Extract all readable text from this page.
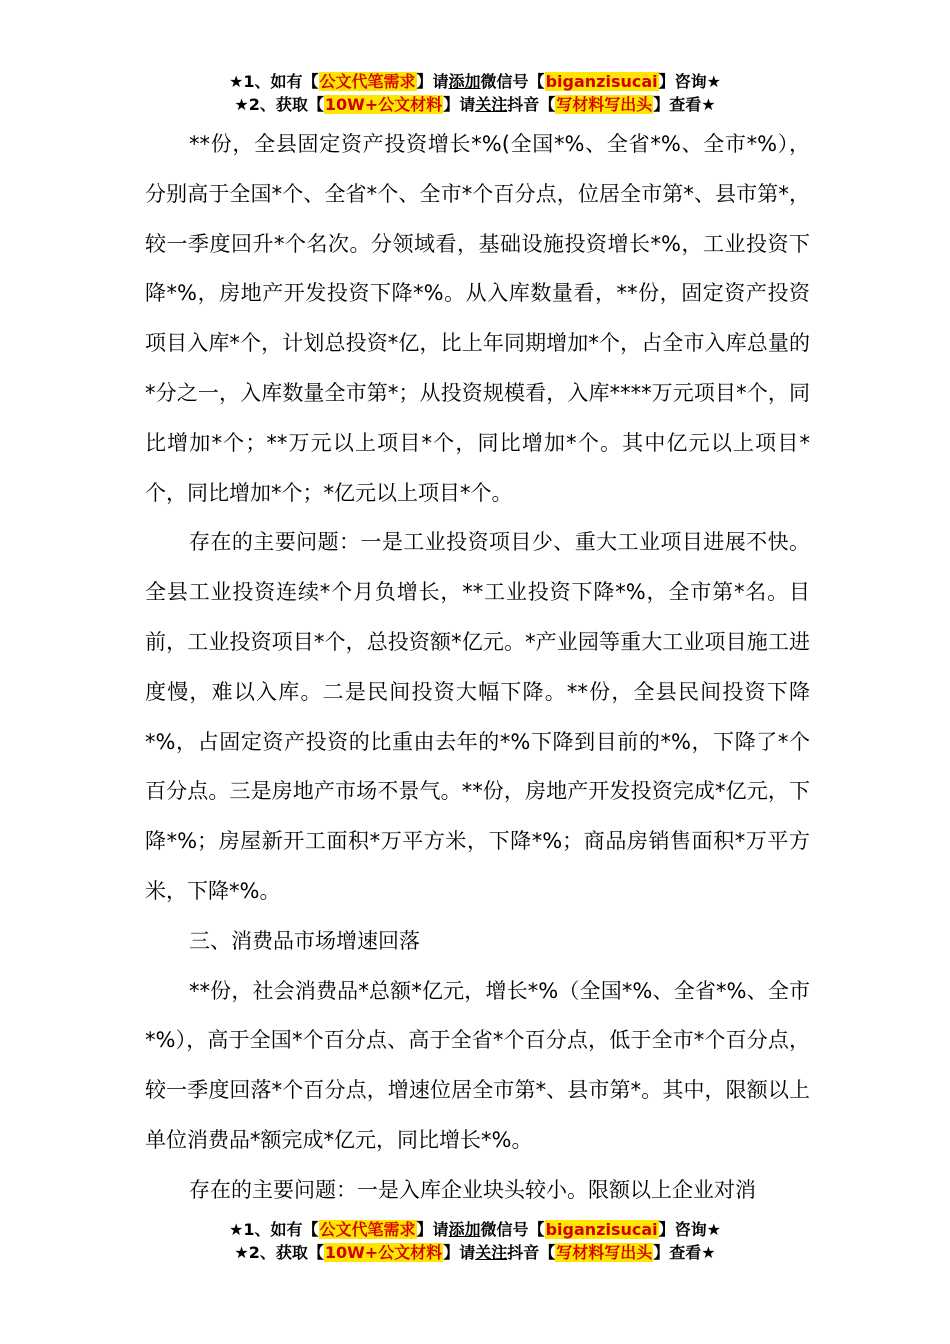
★1、如有【公文代笔需求】请添加微信号【biganzisucai】咨询★
★2、获取【10W+公文材料】请关注抖音【写材料写出头】查看★

**份，全县固定资产投资增长*%(全国*%、全省*%、全市*%），分别高于全国*个、全省*个、全市*个百分点，位居全市第*、县市第*，较一季度回升*个名次。分领域看，基础设施投资增长*%，工业投资下降*%，房地产开发投资下降*%。从入库数量看，**份，固定资产投资项目入库*个，计划总投资*亿，比上年同期增加*个，占全市入库总量的*分之一，入库数量全市第*；从投资规模看，入库****万元项目*个，同比增加*个；**万元以上项目*个，同比增加*个。其中亿元以上项目*个，同比增加*个；*亿元以上项目*个。

存在的主要问题：一是工业投资项目少、重大工业项目进展不快。全县工业投资连续*个月负增长，**工业投资下降*%，全市第*名。目前，工业投资项目*个，总投资额*亿元。*产业园等重大工业项目施工进度慢，难以入库。二是民间投资大幅下降。**份，全县民间投资下降*%，占固定资产投资的比重由去年的*%下降到目前的*%，下降了*个百分点。三是房地产市场不景气。**份，房地产开发投资完成*亿元，下降*%；房屋新开工面积*万平方米，下降*%；商品房销售面积*万平方米，下降*%。

三、消费品市场增速回落

**份，社会消费品*总额*亿元，增长*%（全国*%、全省*%、全市*%），高于全国*个百分点、高于全省*个百分点，低于全市*个百分点，较一季度回落*个百分点，增速位居全市第*、县市第*。其中，限额以上单位消费品*额完成*亿元，同比增长*%。

存在的主要问题：一是入库企业块头较小。限额以上企业对消

★1、如有【公文代笔需求】请添加微信号【biganzisucai】咨询★
★2、获取【10W+公文材料】请关注抖音【写材料写出头】查看★
